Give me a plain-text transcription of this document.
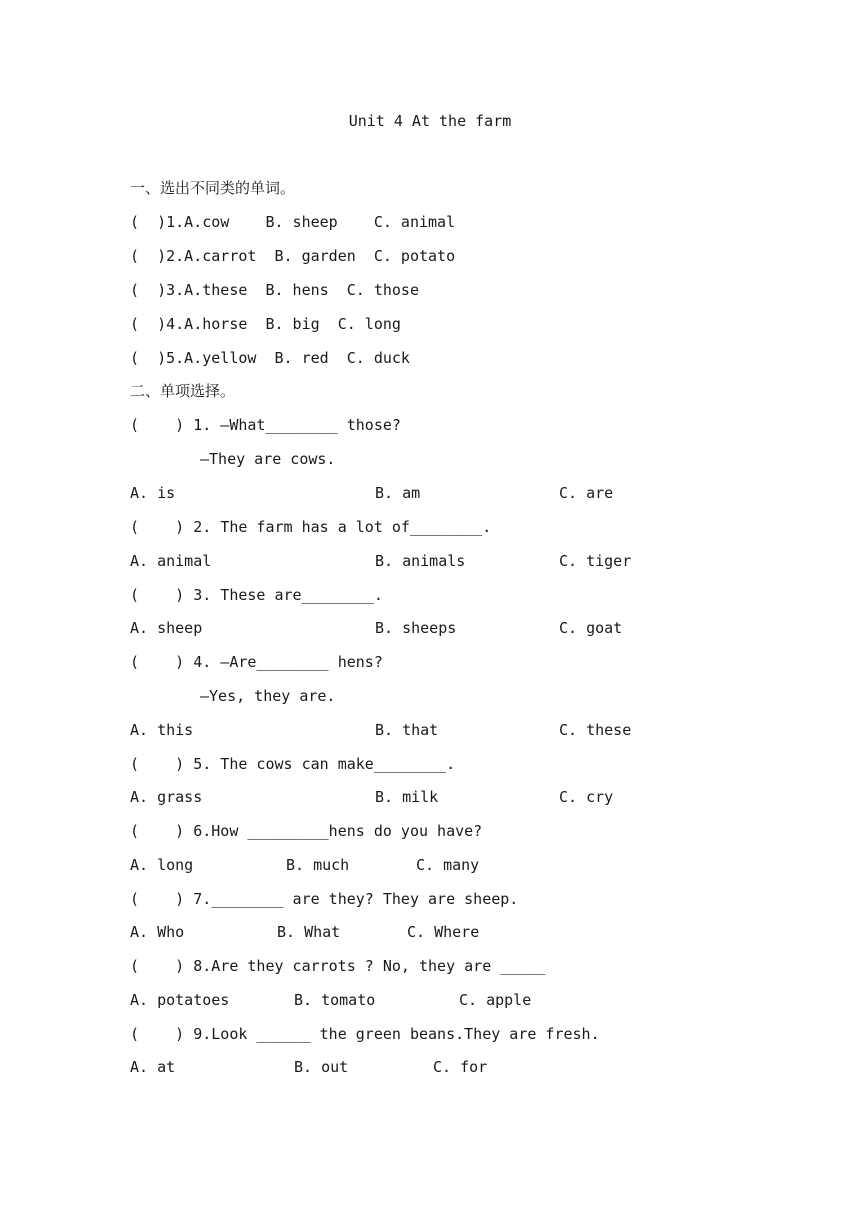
Unit 4 At the farm
一、选出不同类的单词。
(  )1.A.cow    B. sheep    C. animal
(  )2.A.carrot  B. garden  C. potato
(  )3.A.these  B. hens  C. those
(  )4.A.horse  B. big  C. long
(  )5.A.yellow  B. red  C. duck
二、单项选择。
(    ) 1. —What________ those?
—They are cows.
A. is	B. am	C. are
(    ) 2. The farm has a lot of________.
A. animal	B. animals	C. tiger
(    ) 3. These are________.
A. sheep	B. sheeps	C. goat
(    ) 4. —Are________ hens?
—Yes, they are.
A. this	B. that	C. these
(    ) 5. The cows can make________.
A. grass	B. milk	C. cry
(    ) 6.How _________hens do you have?
A. long	B. much	C. many
(    ) 7.________ are they? They are sheep.
A. Who	B. What	C. Where
(    ) 8.Are they carrots ? No, they are _____
A. potatoes	B. tomato	C. apple
(    ) 9.Look ______ the green beans.They are fresh.
A. at	B. out	C. for
